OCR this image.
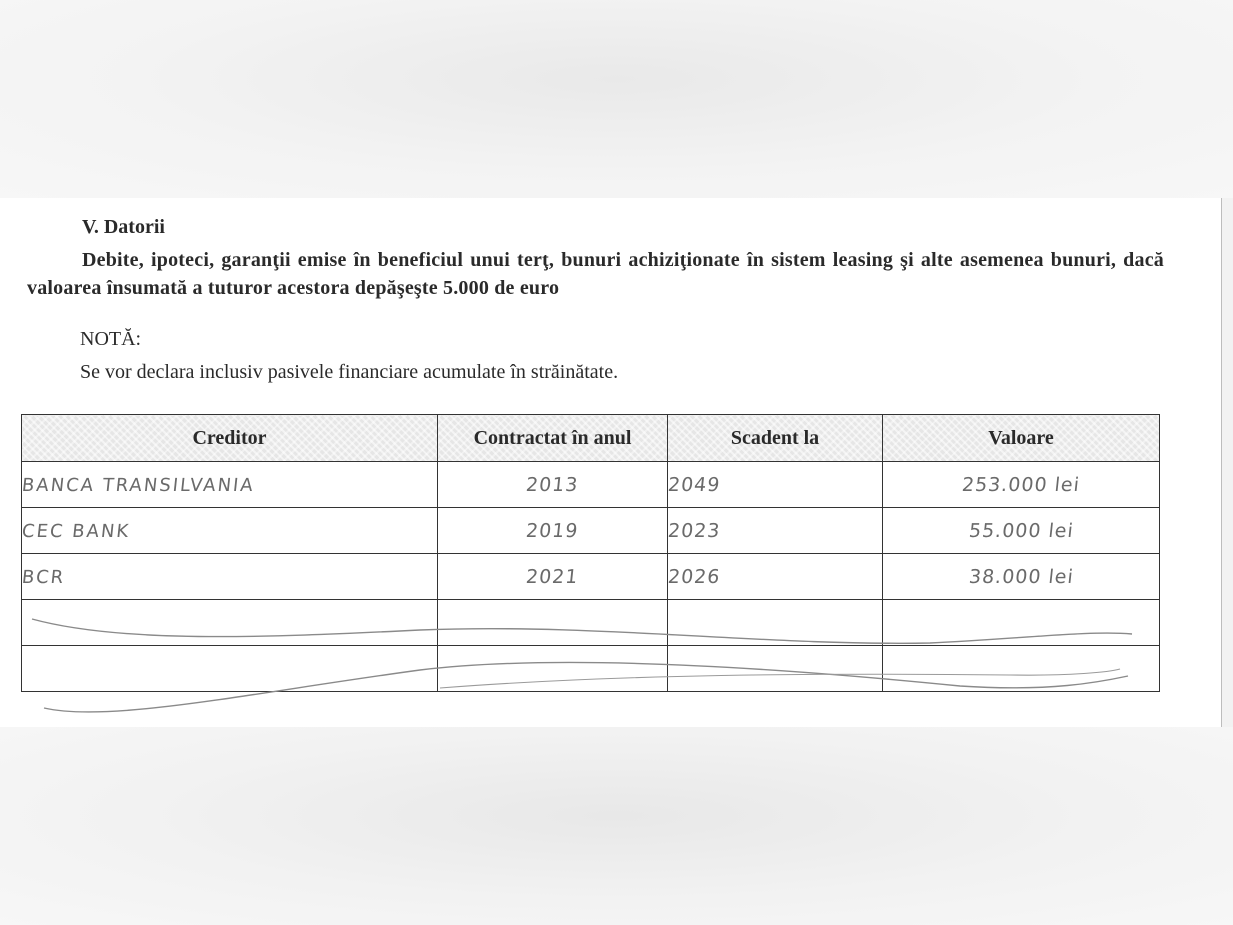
V. Datorii
Debite, ipoteci, garanţii emise în beneficiul unui terţ, bunuri achiziţionate în sistem leasing şi alte asemenea bunuri, dacă valoarea însumată a tuturor acestora depăşeşte 5.000 de euro
NOTĂ:
Se vor declara inclusiv pasivele financiare acumulate în străinătate.
Creditor	Contractat în anul	Scadent la	Valoare
BANCA TRANSILVANIA	2013	2049	253.000 lei
CEC BANK	2019	2023	55.000 lei
BCR	2021	2026	38.000 lei
